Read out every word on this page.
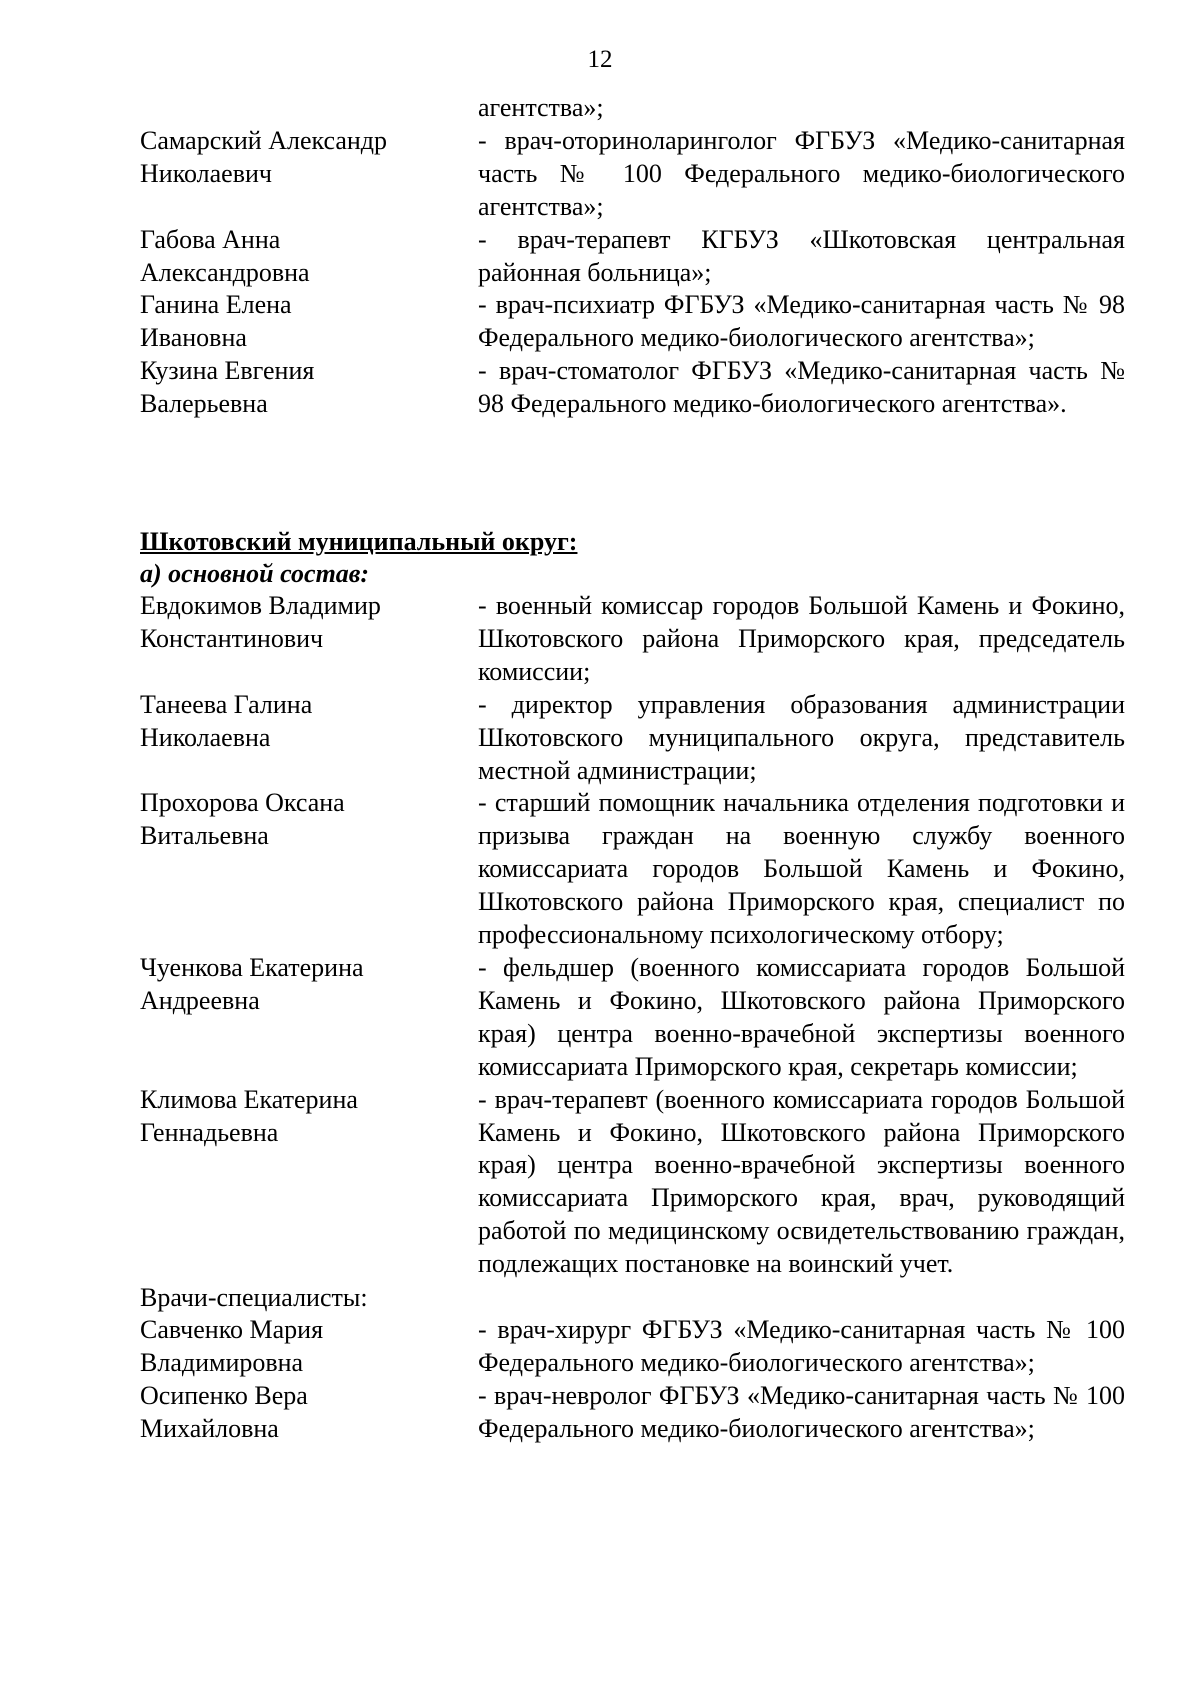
12
агентства»;
Самарский Александр
Николаевич
- врач-оториноларинголог ФГБУЗ «Медико-санитарная часть № 100 Федерального медико-биологического агентства»;
Габова Анна
Александровна
- врач-терапевт КГБУЗ «Шкотовская центральная районная больница»;
Ганина Елена
Ивановна
- врач-психиатр ФГБУЗ «Медико-санитарная часть № 98 Федерального медико-биологического агентства»;
Кузина Евгения
Валерьевна
- врач-стоматолог ФГБУЗ «Медико-санитарная часть № 98 Федерального медико-биологического агентства».
Шкотовский муниципальный округ:
а) основной состав:
Евдокимов Владимир
Константинович
- военный комиссар городов Большой Камень и Фокино, Шкотовского района Приморского края, председатель комиссии;
Танеева Галина
Николаевна
- директор управления образования администрации Шкотовского муниципального округа, представитель местной администрации;
Прохорова Оксана
Витальевна
- старший помощник начальника отделения подготовки и призыва граждан на военную службу военного комиссариата городов Большой Камень и Фокино, Шкотовского района Приморского края, специалист по профессиональному психологическому отбору;
Чуенкова Екатерина
Андреевна
- фельдшер (военного комиссариата городов Большой Камень и Фокино, Шкотовского района Приморского края) центра военно-врачебной экспертизы военного комиссариата Приморского края, секретарь комиссии;
Климова Екатерина
Геннадьевна
- врач-терапевт (военного комиссариата городов Большой Камень и Фокино, Шкотовского района Приморского края) центра военно-врачебной экспертизы военного комиссариата Приморского края, врач, руководящий работой по медицинскому освидетельствованию граждан, подлежащих постановке на воинский учет.
Врачи-специалисты:
Савченко Мария
Владимировна
- врач-хирург ФГБУЗ «Медико-санитарная часть № 100 Федерального медико-биологического агентства»;
Осипенко Вера
Михайловна
- врач-невролог ФГБУЗ «Медико-санитарная часть № 100 Федерального медико-биологического агентства»;
